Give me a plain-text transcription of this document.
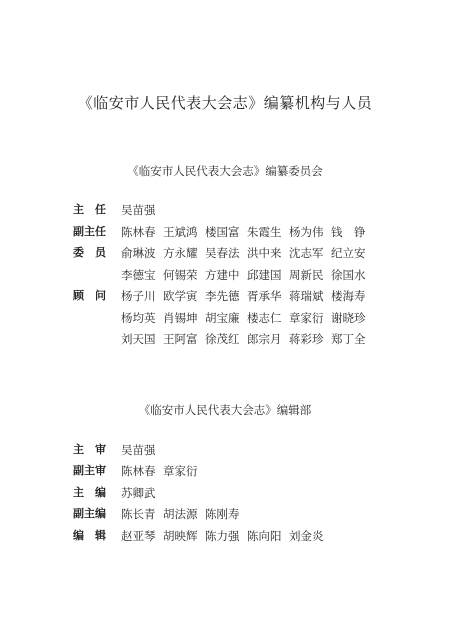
《临安市人民代表大会志》编纂机构与人员
《临安市人民代表大会志》编纂委员会
主　任 吴苗强
副主任 陈林春 王斌鸿 楼国富 朱霞生 杨为伟 钱　铮
委　员 俞琳波 方永耀 吴春法 洪中来 沈志军 纪立安
李德宝 何锡荣 方建中 邱建国 周新民 徐国水
顾　问 杨子川 欧学寅 李先德 胥承华 蒋瑞斌 楼海寿
杨均英 肖锡坤 胡宝廉 楼志仁 章家衍 谢晓珍
刘天国 王阿富 徐茂红 郎宗月 蒋彩珍 郑丁全
《临安市人民代表大会志》编辑部
主　审 吴苗强
副主审 陈林春 章家衍
主　编 苏卿武
副主编 陈长青 胡法源 陈刚寿
编　辑 赵亚琴 胡映辉 陈力强 陈向阳 刘金炎
